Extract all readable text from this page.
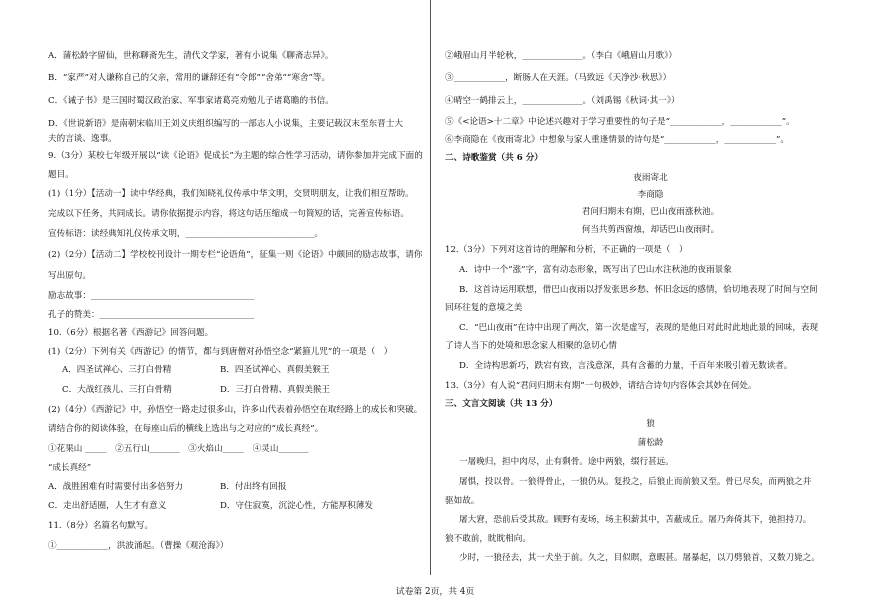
A．蒲松龄字留仙，世称聊斋先生，清代文学家，著有小说集《聊斋志异》。
B．“家严”对人谦称自己的父亲，常用的谦辞还有“令郎”“舍弟”“寒舍”等。
C．《诫子书》是三国时蜀汉政治家、军事家诸葛亮劝勉儿子诸葛瞻的书信。
D．《世说新语》是南朝宋临川王刘义庆组织编写的一部志人小说集，主要记载汉末至东晋士大
夫的言谈、逸事。
9.（3分）某校七年级开展以“读《论语》促成长”为主题的综合性学习活动，请你参加并完成下面的
题目。
(1)（1分）【活动一】读中华经典，我们知晓礼仪传承中华文明，交贤明朋友，让我们相互帮助。
完成以下任务，共同成长。请你依据提示内容，将这句话压缩成一句简短的话，完善宣传标语。
宣传标语：读经典知礼仪传承文明，______________________________。
(2)（2分）【活动二】学校校刊设计一期专栏“论语角”，征集一则《论语》中颇回的励志故事，请你
写出原句。
励志故事：______________________________________
孔子的赞美：____________________________________
10.（6分）根据名著《西游记》回答问题。
(1)（2分）下列有关《西游记》的情节，都与到唐僧对孙悟空念“紧箍儿咒”的一项是（　）
A．四圣试禅心、三打白骨精	B．四圣试禅心、真假美猴王
C．大战红孩儿、三打白骨精	D．三打白骨精、真假美猴王
(2)（4分）《西游记》中，孙悟空一路走过很多山，许多山代表着孙悟空在取经路上的成长和突破。
请结合你的阅读体验，在每座山后的横线上选出与之对应的“成长真经”。
①花果山 _____　②五行山_______　③火焰山_____　④灵山_______
“成长真经”
A．战胜困难有时需要付出多倍努力	B．付出终有回报
C．走出舒适圈，人生才有意义	D．守住寂寞，沉淀心性，方能厚积薄发
11.（8分）名篇名句默写。
①____________，洪波涌起。（曹操《观沧海》）
②峨眉山月半轮秋，______________。（李白《峨眉山月歌》）
③____________，断肠人在天涯。（马致远《天净沙·秋思》）
④晴空一鹤排云上，______________。（刘禹锡《秋词·其一》）
⑤《<论语>十二章》中论述兴趣对于学习重要性的句子是“____________，____________”。
⑥李商隐在《夜雨寄北》中想象与家人重逢情景的诗句是“____________，____________”。
二、诗歌鉴赏（共 6 分）
夜雨寄北
李商隐
君问归期未有期，巴山夜雨涨秋池。
何当共剪西窗烛，却话巴山夜雨时。
12.（3分）下列对这首诗的理解和分析，不正确的一项是（　）
A．诗中一个“涨”字，富有动态形象，既写出了巴山水注秋池的夜雨景象
B．这首诗运用联想，借巴山夜雨以抒发张思乡愁、怀旧念远的感情，恰切地表现了时间与空间
回环往复的意境之美
C．“巴山夜雨”在诗中出现了两次，第一次是虚写，表现的是他日对此时此地此景的回味，表现
了诗人当下的处境和思念家人相聚的急切心情
D．全诗构思新巧，跌宕有致，言浅意深，具有含蓄的力量，千百年来吸引着无数读者。
13.（3分）有人说“君问归期未有期”一句极妙，请结合诗句内容体会其妙在何处。
三、文言文阅读（共 13 分）
狼
蒲松龄
一屠晚归，担中肉尽，止有剩骨。途中两狼，缀行甚远。
屠惧，投以骨。一狼得骨止，一狼仍从。复投之，后狼止而前狼又至。骨已尽矣，而两狼之并
驱如故。
屠大窘，恐前后受其敌。顾野有麦场，场主积薪其中，苫蔽成丘。屠乃奔倚其下，弛担持刀。
狼不敢前，眈眈相向。
少时，一狼径去，其一犬坐于前。久之，目似瞑，意暇甚。屠暴起，以刀劈狼首，又数刀毙之。
试卷第 2页，共 4页
